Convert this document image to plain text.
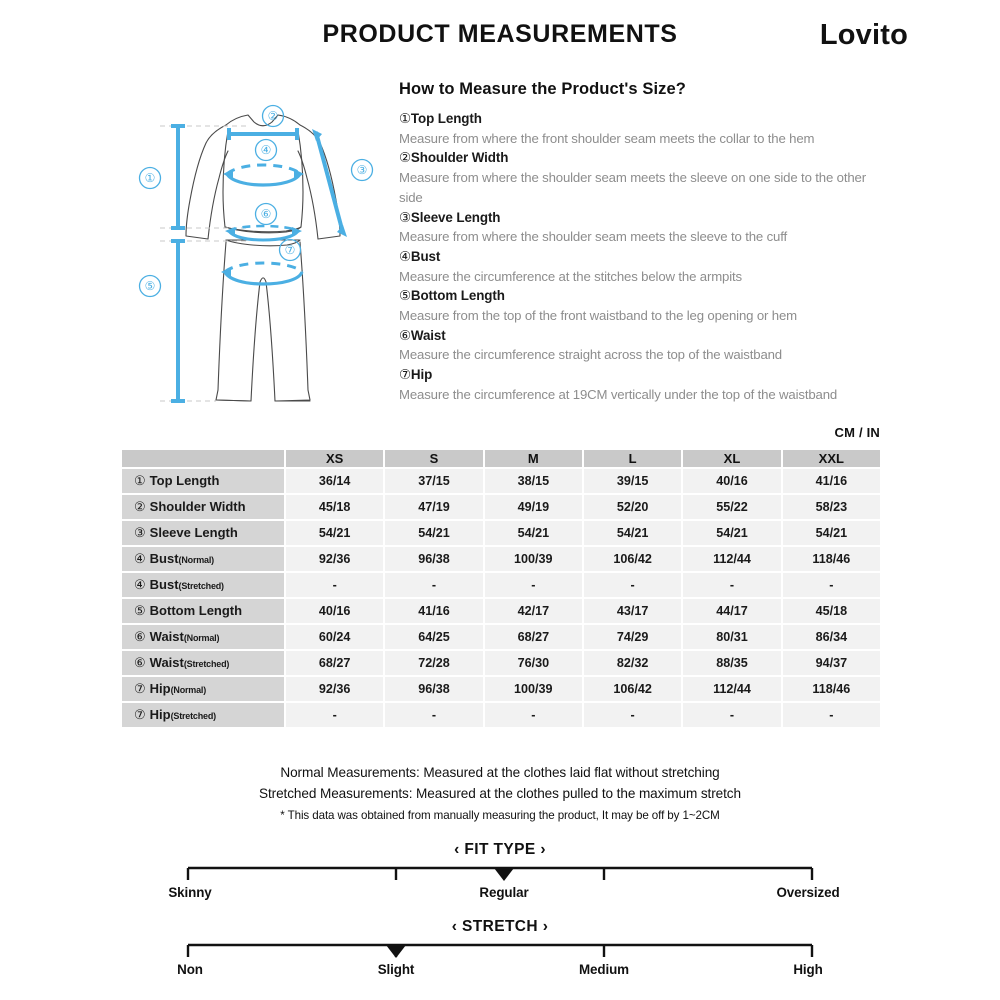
PRODUCT MEASUREMENTS	Lovito
①
②
③
④
⑤
⑥
⑦
How to Measure the Product's Size?
①Top Length
Measure from where the front shoulder seam meets the collar to the hem
②Shoulder Width
Measure from where the shoulder seam meets the sleeve on one side to the other side
③Sleeve Length
Measure from where the shoulder seam meets the sleeve to the cuff
④Bust
Measure the circumference at the stitches below the armpits
⑤Bottom Length
Measure from the top of the front waistband to the leg opening or hem
⑥Waist
Measure the circumference straight across the top of the waistband
⑦Hip
Measure the circumference at 19CM vertically under the top of the waistband
CM / IN
	XS	S	M	L	XL	XXL
① Top Length	36/14	37/15	38/15	39/15	40/16	41/16
② Shoulder Width	45/18	47/19	49/19	52/20	55/22	58/23
③ Sleeve Length	54/21	54/21	54/21	54/21	54/21	54/21
④ Bust(Normal)	92/36	96/38	100/39	106/42	112/44	118/46
④ Bust(Stretched)	-	-	-	-	-	-
⑤ Bottom Length	40/16	41/16	42/17	43/17	44/17	45/18
⑥ Waist(Normal)	60/24	64/25	68/27	74/29	80/31	86/34
⑥ Waist(Stretched)	68/27	72/28	76/30	82/32	88/35	94/37
⑦ Hip(Normal)	92/36	96/38	100/39	106/42	112/44	118/46
⑦ Hip(Stretched)	-	-	-	-	-	-
Normal Measurements: Measured at the clothes laid flat without stretching
Stretched Measurements: Measured at the clothes pulled to the maximum stretch
* This data was obtained from manually measuring the product, It may be off by 1~2CM
‹ FIT TYPE ›
Skinny	Regular	Oversized
‹ STRETCH ›
Non	Slight	Medium	High
